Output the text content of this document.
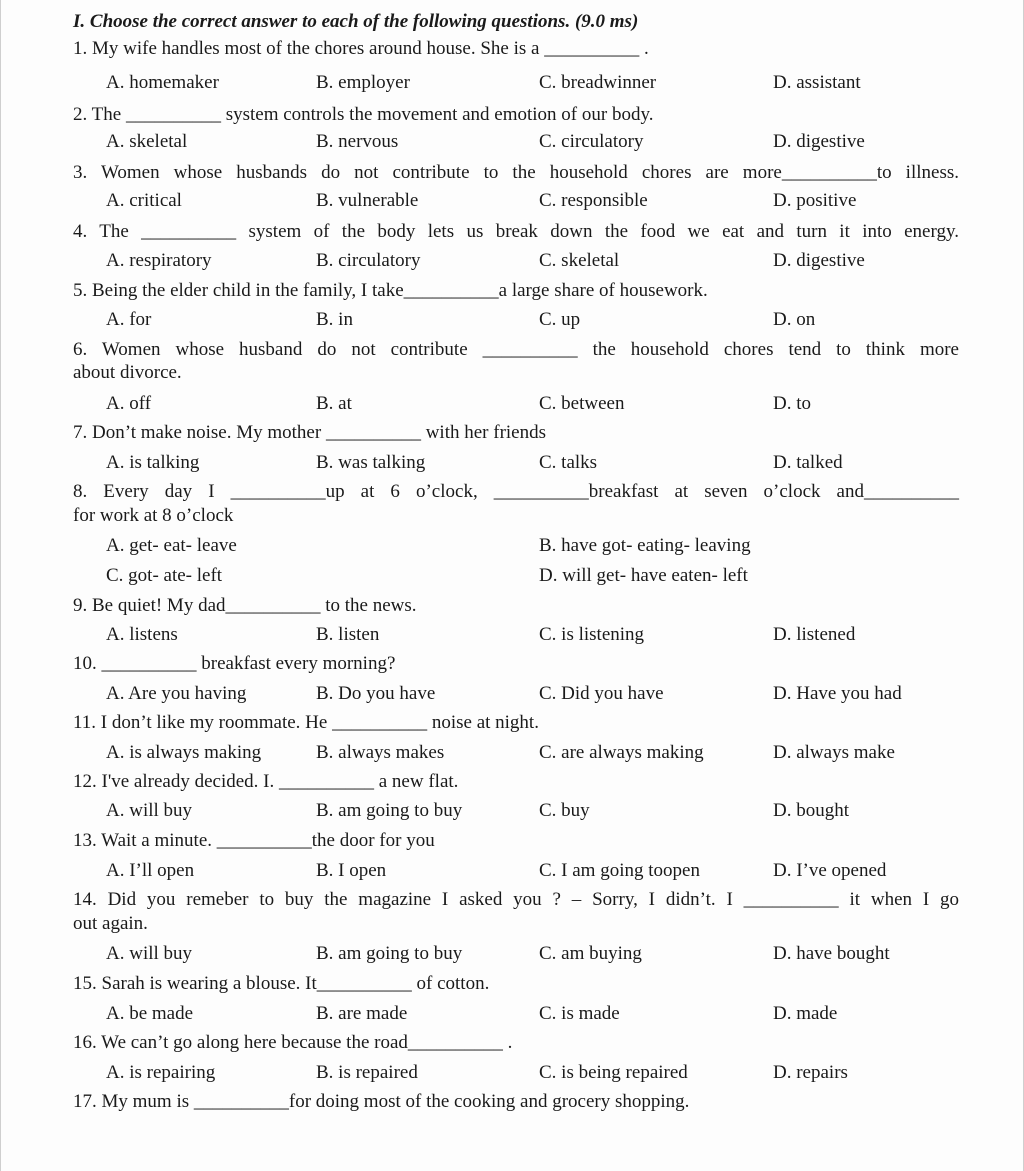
I. Choose the correct answer to each of the following questions. (9.0 ms)
1. My wife handles most of the chores around house. She is a __________ .
A. homemaker	B. employer	C. breadwinner	D. assistant
2. The __________ system controls the movement and emotion of our body.
A. skeletal	B. nervous	C. circulatory	D. digestive
3. Women whose husbands do not contribute to the household chores are more__________to illness.
A. critical	B. vulnerable	C. responsible	D. positive
4. The __________ system of the body lets us break down the food we eat and turn it into energy.
A. respiratory	B. circulatory	C. skeletal	D. digestive
5. Being the elder child in the family, I take__________a large share of housework.
A. for	B. in	C. up	D. on
6. Women whose husband do not contribute __________ the household chores tend to think more
about divorce.
A. off	B. at	C. between	D. to
7. Don’t make noise. My mother __________ with her friends
A. is talking	B. was talking	C. talks	D. talked
8. Every day I __________up at 6 o’clock, __________breakfast at seven o’clock and__________
for work at 8 o’clock
A. get- eat- leave	B. have got- eating- leaving
C. got- ate- left	D. will get- have eaten- left
9. Be quiet! My dad__________ to the news.
A. listens	B. listen	C. is listening	D. listened
10. __________ breakfast every morning?
A. Are you having	B. Do you have	C. Did you have	D. Have you had
11. I don’t like my roommate. He __________ noise at night.
A. is always making	B. always makes	C. are always making	D. always make
12. I've already decided. I. __________ a new flat.
A. will buy	B. am going to buy	C. buy	D. bought
13. Wait a minute. __________the door for you
A. I’ll open	B. I open	C. I am going toopen	D. I’ve opened
14. Did you remeber to buy the magazine I asked you ? – Sorry, I didn’t. I __________ it when I go
out again.
A. will buy	B. am going to buy	C. am buying	D. have bought
15. Sarah is wearing a blouse. It__________ of cotton.
A. be made	B. are made	C. is made	D. made
16. We can’t go along here because the road__________ .
A. is repairing	B. is repaired	C. is being repaired	D. repairs
17. My mum is __________for doing most of the cooking and grocery shopping.
